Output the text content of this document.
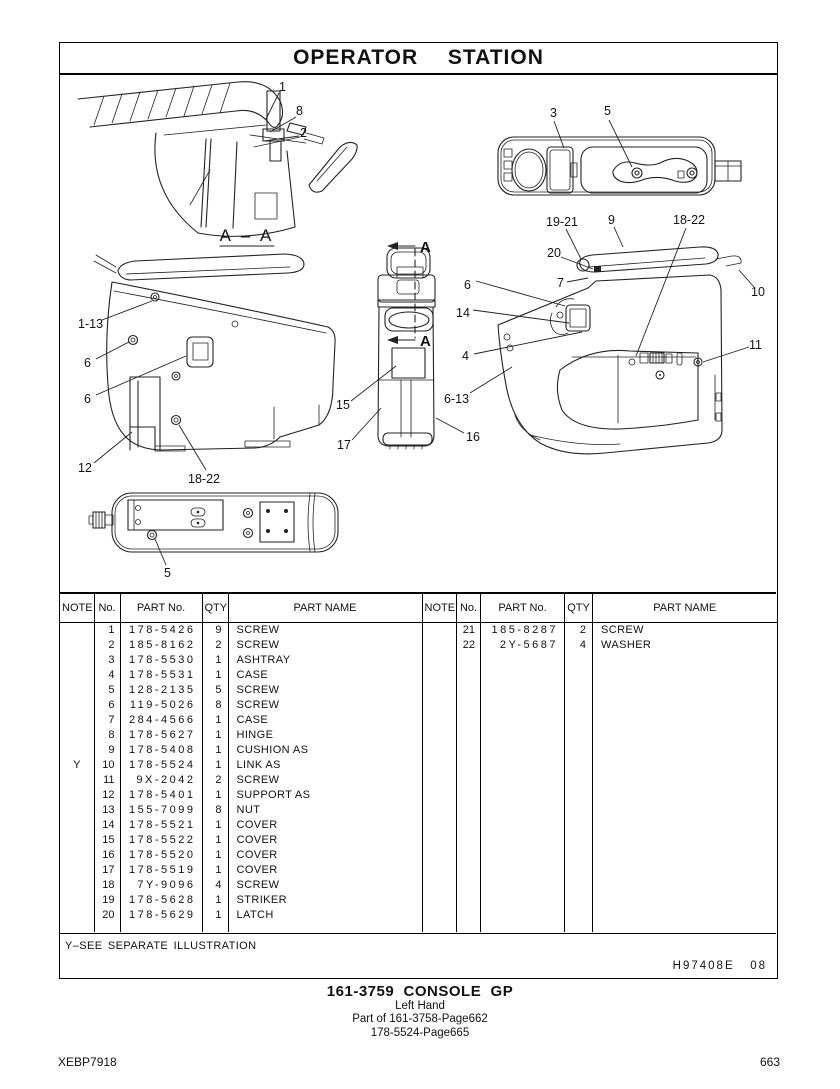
OPERATOR  STATION
1
8
2
A – A
3	5
1-13
6
6
12
18-22
A
A
15
17
16
19-21 9	18-22
20
7
10
11
6
14
4
6-13
5
NOTE	No.	PART No.	QTY	PART NAME
	1	178-5426	9	SCREW
	2	185-8162	2	SCREW
	3	178-5530	1	ASHTRAY
	4	178-5531	1	CASE
	5	128-2135	5	SCREW
	6	119-5026	8	SCREW
	7	284-4566	1	CASE
	8	178-5627	1	HINGE
	9	178-5408	1	CUSHION AS
Y	10	178-5524	1	LINK AS
	11	9X-2042	2	SCREW
	12	178-5401	1	SUPPORT AS
	13	155-7099	8	NUT
	14	178-5521	1	COVER
	15	178-5522	1	COVER
	16	178-5520	1	COVER
	17	178-5519	1	COVER
	18	7Y-9096	4	SCREW
	19	178-5628	1	STRIKER
	20	178-5629	1	LATCH

NOTE	No.	PART No.	QTY	PART NAME
	21	185-8287	2	SCREW
	22	2Y-5687	4	WASHER

Y–SEE SEPARATE ILLUSTRATION
H97408E   08
161-3759  CONSOLE  GP
Left Hand
Part of 161-3758-Page662
178-5524-Page665
XEBP7918	663
